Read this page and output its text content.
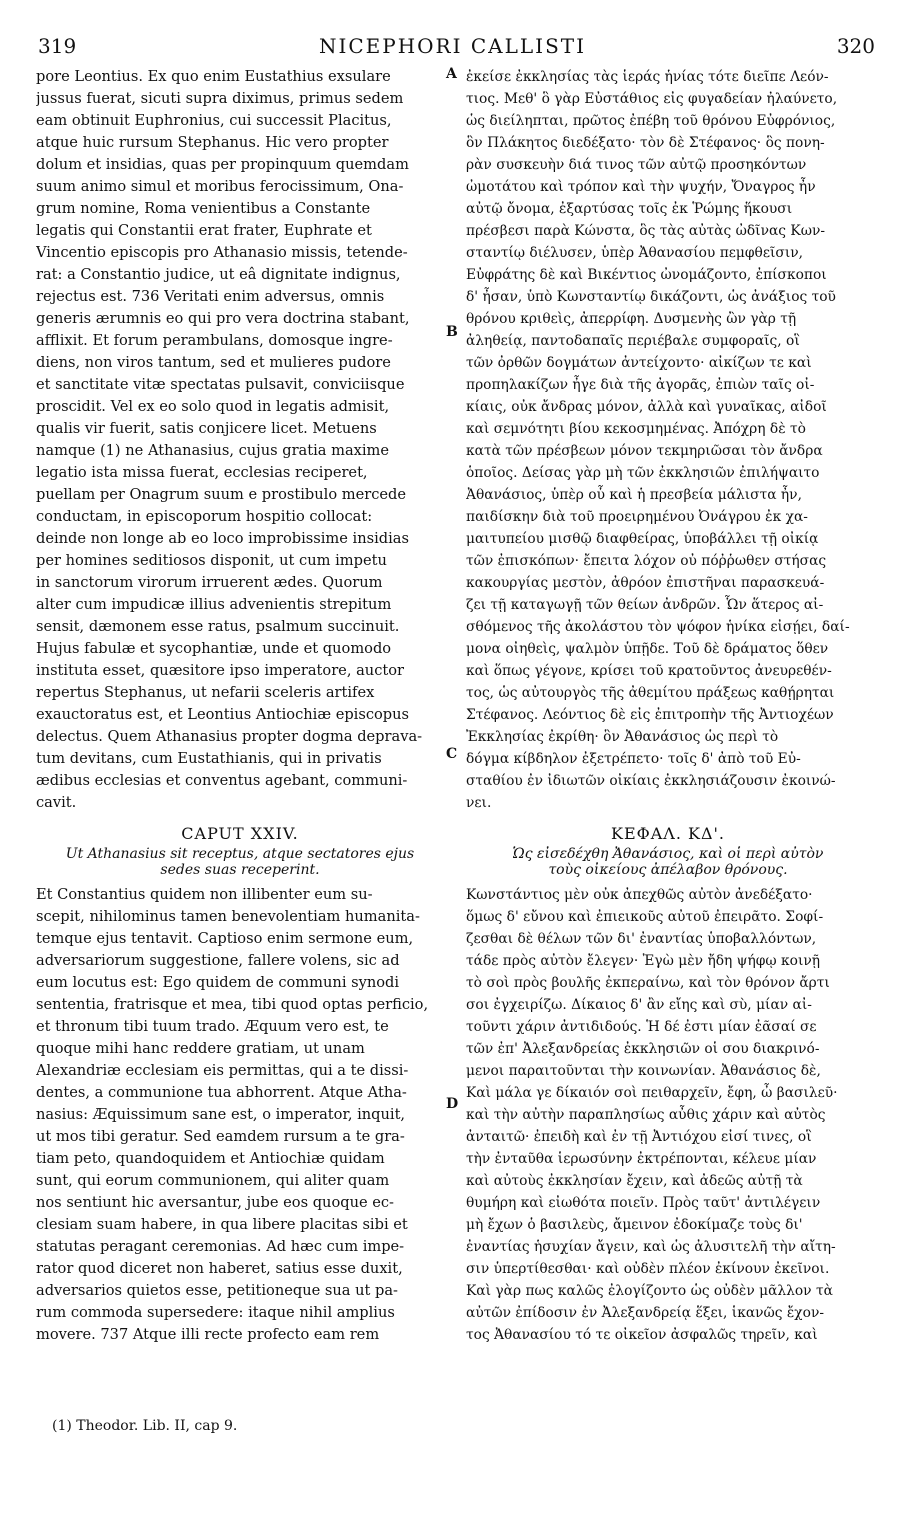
319	NICEPHORI CALLISTI	320
pore Leontius. Ex quo enim Eustathius exsulare
jussus fuerat, sicuti supra diximus, primus sedem
eam obtinuit Euphronius, cui successit Placitus,
atque huic rursum Stephanus. Hic vero propter
dolum et insidias, quas per propinquum quemdam
suum animo simul et moribus ferocissimum, Ona-
grum nomine, Roma venientibus a Constante
legatis qui Constantii erat frater, Euphrate et
Vincentio episcopis pro Athanasio missis, tetende-
rat: a Constantio judice, ut eâ dignitate indignus,
rejectus est. 736 Veritati enim adversus, omnis
generis ærumnis eo qui pro vera doctrina stabant,
afflixit. Et forum perambulans, domosque ingre-
diens, non viros tantum, sed et mulieres pudore
et sanctitate vitæ spectatas pulsavit, conviciisque
proscidit. Vel ex eo solo quod in legatis admisit,
qualis vir fuerit, satis conjicere licet. Metuens
namque (1) ne Athanasius, cujus gratia maxime
legatio ista missa fuerat, ecclesias reciperet,
puellam per Onagrum suum e prostibulo mercede
conductam, in episcoporum hospitio collocat:
deinde non longe ab eo loco improbissime insidias
per homines seditiosos disponit, ut cum impetu
in sanctorum virorum irruerent ædes. Quorum
alter cum impudicæ illius advenientis strepitum
sensit, dæmonem esse ratus, psalmum succinuit.
Hujus fabulæ et sycophantiæ, unde et quomodo
instituta esset, quæsitore ipso imperatore, auctor
repertus Stephanus, ut nefarii sceleris artifex
exauctoratus est, et Leontius Antiochiæ episcopus
delectus. Quem Athanasius propter dogma deprava-
tum devitans, cum Eustathianis, qui in privatis
ædibus ecclesias et conventus agebant, communi-
cavit.
CAPUT XXIV.
Ut Athanasius sit receptus, atque sectatores ejus
sedes suas receperint.
Et Constantius quidem non illibenter eum su-
scepit, nihilominus tamen benevolentiam humanita-
temque ejus tentavit. Captioso enim sermone eum,
adversariorum suggestione, fallere volens, sic ad
eum locutus est: Ego quidem de communi synodi
sententia, fratrisque et mea, tibi quod optas perficio,
et thronum tibi tuum trado. Æquum vero est, te
quoque mihi hanc reddere gratiam, ut unam
Alexandriæ ecclesiam eis permittas, qui a te dissi-
dentes, a communione tua abhorrent. Atque Atha-
nasius: Æquissimum sane est, o imperator, inquit,
ut mos tibi geratur. Sed eamdem rursum a te gra-
tiam peto, quandoquidem et Antiochiæ quidam
sunt, qui eorum communionem, qui aliter quam
nos sentiunt hic aversantur, jube eos quoque ec-
clesiam suam habere, in qua libere placitas sibi et
statutas peragant ceremonias. Ad hæc cum impe-
rator quod diceret non haberet, satius esse duxit,
adversarios quietos esse, petitioneque sua ut pa-
rum commoda supersedere: itaque nihil amplius
movere. 737 Atque illi recte profecto eam rem
A
B
C
D
ἐκείσε ἐκκλησίας τὰς ἱεράς ἡνίας τότε διεῖπε Λεόν-
τιος. Μεθ' ὃ γὰρ Εὐστάθιος εἰς φυγαδείαν ἠλαύνετο,
ὡς διείληπται, πρῶτος ἐπέβη τοῦ θρόνου Εὐφρόνιος,
ὃν Πλάκητος διεδέξατο· τὸν δὲ Στέφανος· ὃς πονη-
ρὰν συσκευὴν διά τινος τῶν αὐτῷ προσηκόντων
ὠμοτάτου καὶ τρόπον καὶ τὴν ψυχήν, Ὄναγρος ἦν
αὐτῷ ὄνομα, ἐξαρτύσας τοῖς ἐκ Ῥώμης ἥκουσι
πρέσβεσι παρὰ Κώνστα, ὃς τὰς αὐτὰς ὠδῖνας Κων-
σταντίῳ διέλυσεν, ὑπὲρ Ἀθανασίου πεμφθεῖσιν,
Εὐφράτης δὲ καὶ Βικέντιος ὠνομάζοντο, ἐπίσκοποι
δ' ἦσαν, ὑπὸ Κωνσταντίῳ δικάζοντι, ὡς ἀνάξιος τοῦ
θρόνου κριθεὶς, ἀπερρίφη. Δυσμενὴς ὢν γὰρ τῇ
ἀληθείᾳ, παντοδαπαῖς περιέβαλε συμφοραῖς, οἳ
τῶν ὀρθῶν δογμάτων ἀντείχοντο· αἰκίζων τε καὶ
προπηλακίζων ἦγε διὰ τῆς ἀγορᾶς, ἐπιὼν ταῖς οἰ-
κίαις, οὐκ ἄνδρας μόνον, ἀλλὰ καὶ γυναῖκας, αἰδοῖ
καὶ σεμνότητι βίου κεκοσμημένας. Ἀπόχρη δὲ τὸ
κατὰ τῶν πρέσβεων μόνον τεκμηριῶσαι τὸν ἄνδρα
ὁποῖος. Δείσας γὰρ μὴ τῶν ἐκκλησιῶν ἐπιλήψαιτο
Ἀθανάσιος, ὑπὲρ οὗ καὶ ἡ πρεσβεία μάλιστα ἦν,
παιδίσκην διὰ τοῦ προειρημένου Ὀνάγρου ἐκ χα-
μαιτυπείου μισθῷ διαφθείρας, ὑποβάλλει τῇ οἰκίᾳ
τῶν ἐπισκόπων· ἔπειτα λόχον οὐ πόῤῥωθεν στήσας
κακουργίας μεστὸν, ἀθρόον ἐπιστῆναι παρασκευά-
ζει τῇ καταγωγῇ τῶν θείων ἀνδρῶν. Ὧν ἅτερος αἰ-
σθόμενος τῆς ἀκολάστου τὸν ψόφον ἡνίκα εἰσῄει, δαί-
μονα οἰηθεὶς, ψαλμὸν ὑπῇδε. Τοῦ δὲ δράματος ὅθεν
καὶ ὅπως γέγονε, κρίσει τοῦ κρατοῦντος ἀνευρεθέν-
τος, ὡς αὐτουργὸς τῆς ἀθεμίτου πράξεως καθῄρηται
Στέφανος. Λεόντιος δὲ εἰς ἐπιτροπὴν τῆς Ἀντιοχέων
Ἐκκλησίας ἐκρίθη· ὃν Ἀθανάσιος ὡς περὶ τὸ
δόγμα κίβδηλον ἐξετρέπετο· τοῖς δ' ἀπὸ τοῦ Εὐ-
σταθίου ἐν ἰδιωτῶν οἰκίαις ἐκκλησιάζουσιν ἐκοινώ-
νει.
ΚΕΦΑΛ. ΚΔ'.
Ὡς εἰσεδέχθη Ἀθανάσιος, καὶ οἱ περὶ αὐτὸν
τοὺς οἰκείους ἀπέλαβον θρόνους.
Κωνστάντιος μὲν οὐκ ἀπεχθῶς αὐτὸν ἀνεδέξατο·
ὅμως δ' εὔνου καὶ ἐπιεικοῦς αὐτοῦ ἐπειρᾶτο. Σοφί-
ζεσθαι δὲ θέλων τῶν δι' ἐναντίας ὑποβαλλόντων,
τάδε πρὸς αὐτὸν ἔλεγεν· Ἐγὼ μὲν ἤδη ψήφῳ κοινῇ
τὸ σοὶ πρὸς βουλῆς ἐκπεραίνω, καὶ τὸν θρόνον ἄρτι
σοι ἐγχειρίζω. Δίκαιος δ' ἂν εἴης καὶ σὺ, μίαν αἰ-
τοῦντι χάριν ἀντιδιδούς. Ἡ δέ ἐστι μίαν ἐᾶσαί σε
τῶν ἐπ' Ἀλεξανδρείας ἐκκλησιῶν οἱ σου διακρινό-
μενοι παραιτοῦνται τὴν κοινωνίαν. Ἀθανάσιος δὲ,
Καὶ μάλα γε δίκαιόν σοὶ πειθαρχεῖν, ἔφη, ὦ βασιλεῦ·
καὶ τὴν αὐτὴν παραπλησίως αὖθις χάριν καὶ αὐτὸς
ἀνταιτῶ· ἐπειδὴ καὶ ἐν τῇ Ἀντιόχου εἰσί τινες, οἳ
τὴν ἐνταῦθα ἱερωσύνην ἐκτρέπονται, κέλευε μίαν
καὶ αὐτοὺς ἐκκλησίαν ἔχειν, καὶ ἀδεῶς αὐτῇ τὰ
θυμήρη καὶ εἰωθότα ποιεῖν. Πρὸς ταῦτ' ἀντιλέγειν
μὴ ἔχων ὁ βασιλεὺς, ἄμεινον ἐδοκίμαζε τοὺς δι'
ἐναντίας ἡσυχίαν ἄγειν, καὶ ὡς ἀλυσιτελῆ τὴν αἴτη-
σιν ὑπερτίθεσθαι· καὶ οὐδὲν πλέον ἐκίνουν ἐκεῖνοι.
Καὶ γὰρ πως καλῶς ἐλογίζοντο ὡς οὐδὲν μᾶλλον τὰ
αὐτῶν ἐπίδοσιν ἐν Ἀλεξανδρείᾳ ἕξει, ἱκανῶς ἔχον-
τος Ἀθανασίου τό τε οἰκεῖον ἀσφαλῶς τηρεῖν, καὶ
(1) Theodor. Lib. II, cap 9.
